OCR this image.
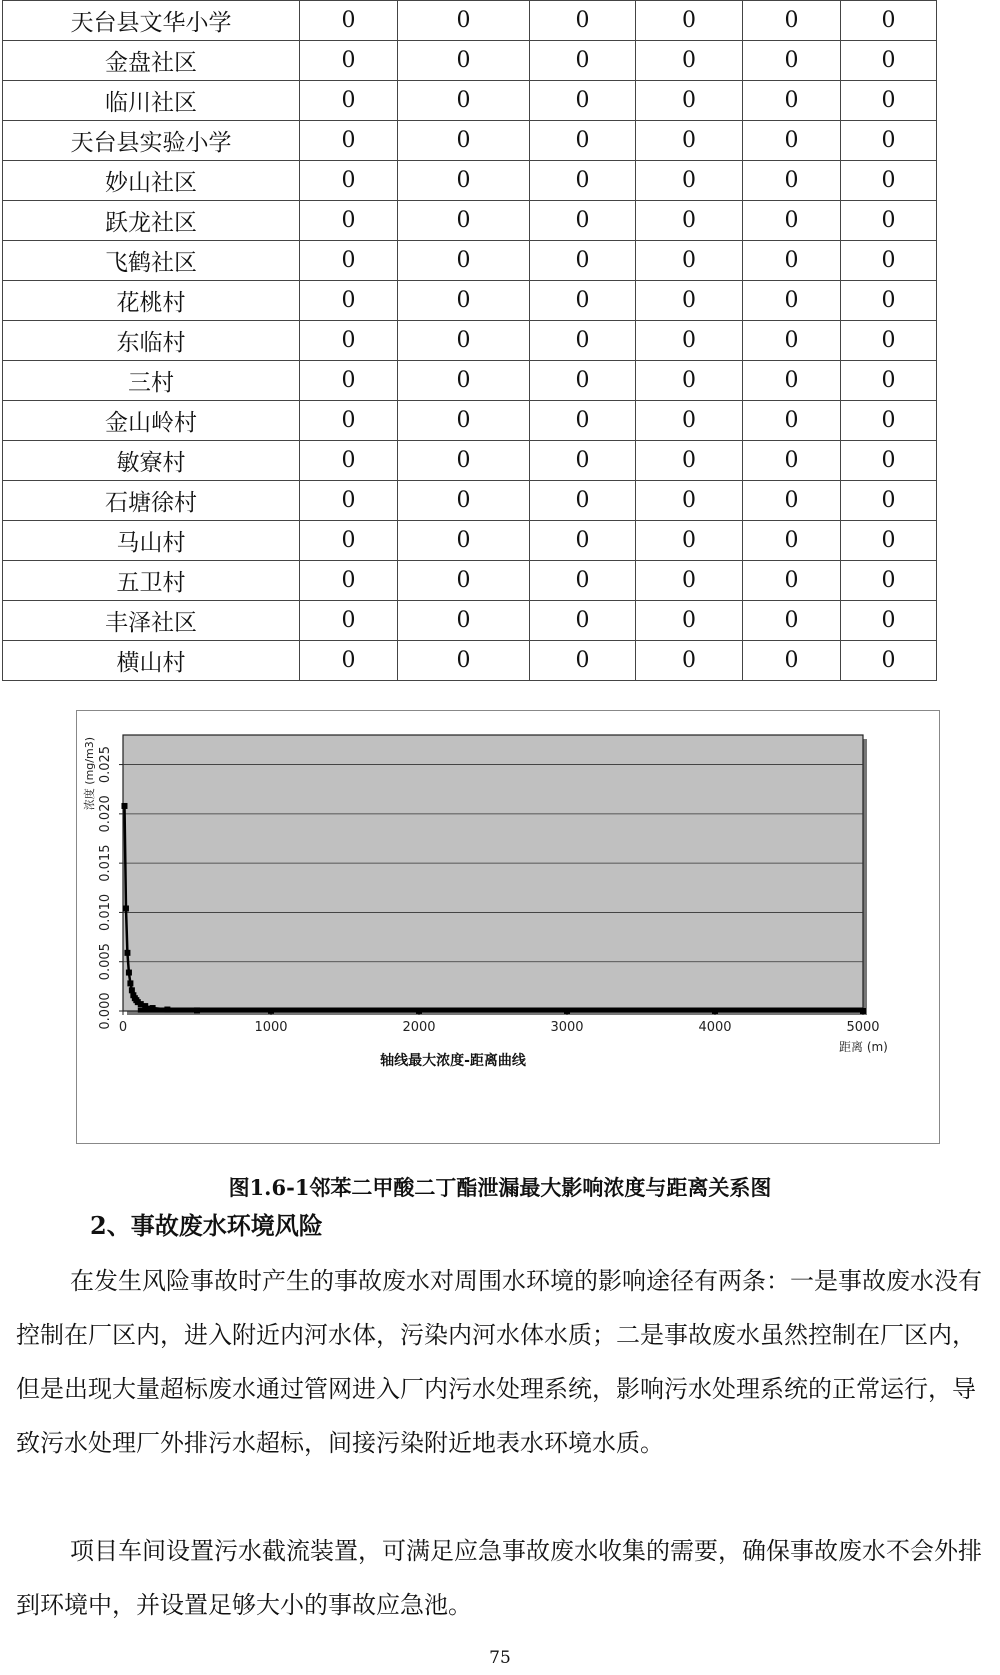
天台县文华小学	0	0	0	0	0	0
金盘社区	0	0	0	0	0	0
临川社区	0	0	0	0	0	0
天台县实验小学	0	0	0	0	0	0
妙山社区	0	0	0	0	0	0
跃龙社区	0	0	0	0	0	0
飞鹤社区	0	0	0	0	0	0
花桃村	0	0	0	0	0	0
东临村	0	0	0	0	0	0
三村	0	0	0	0	0	0
金山岭村	0	0	0	0	0	0
敏寮村	0	0	0	0	0	0
石塘徐村	0	0	0	0	0	0
马山村	0	0	0	0	0	0
五卫村	0	0	0	0	0	0
丰泽社区	0	0	0	0	0	0
横山村	0	0	0	0	0	0
0.000
0.005
0.010
0.015
0.020
0.025
0	1000	2000	3000	4000	5000
浓度 (mg/m3)
距离 (m)
轴线最大浓度-距离曲线
图1.6-1邻苯二甲酸二丁酯泄漏最大影响浓度与距离关系图
2、事故废水环境风险

在发生风险事故时产生的事故废水对周围水环境的影响途径有两条：一是事故废水没有控制在厂区内，进入附近内河水体，污染内河水体水质；二是事故废水虽然控制在厂区内，但是出现大量超标废水通过管网进入厂内污水处理系统，影响污水处理系统的正常运行，导致污水处理厂外排污水超标，间接污染附近地表水环境水质。

项目车间设置污水截流装置，可满足应急事故废水收集的需要，确保事故废水不会外排到环境中，并设置足够大小的事故应急池。

75
